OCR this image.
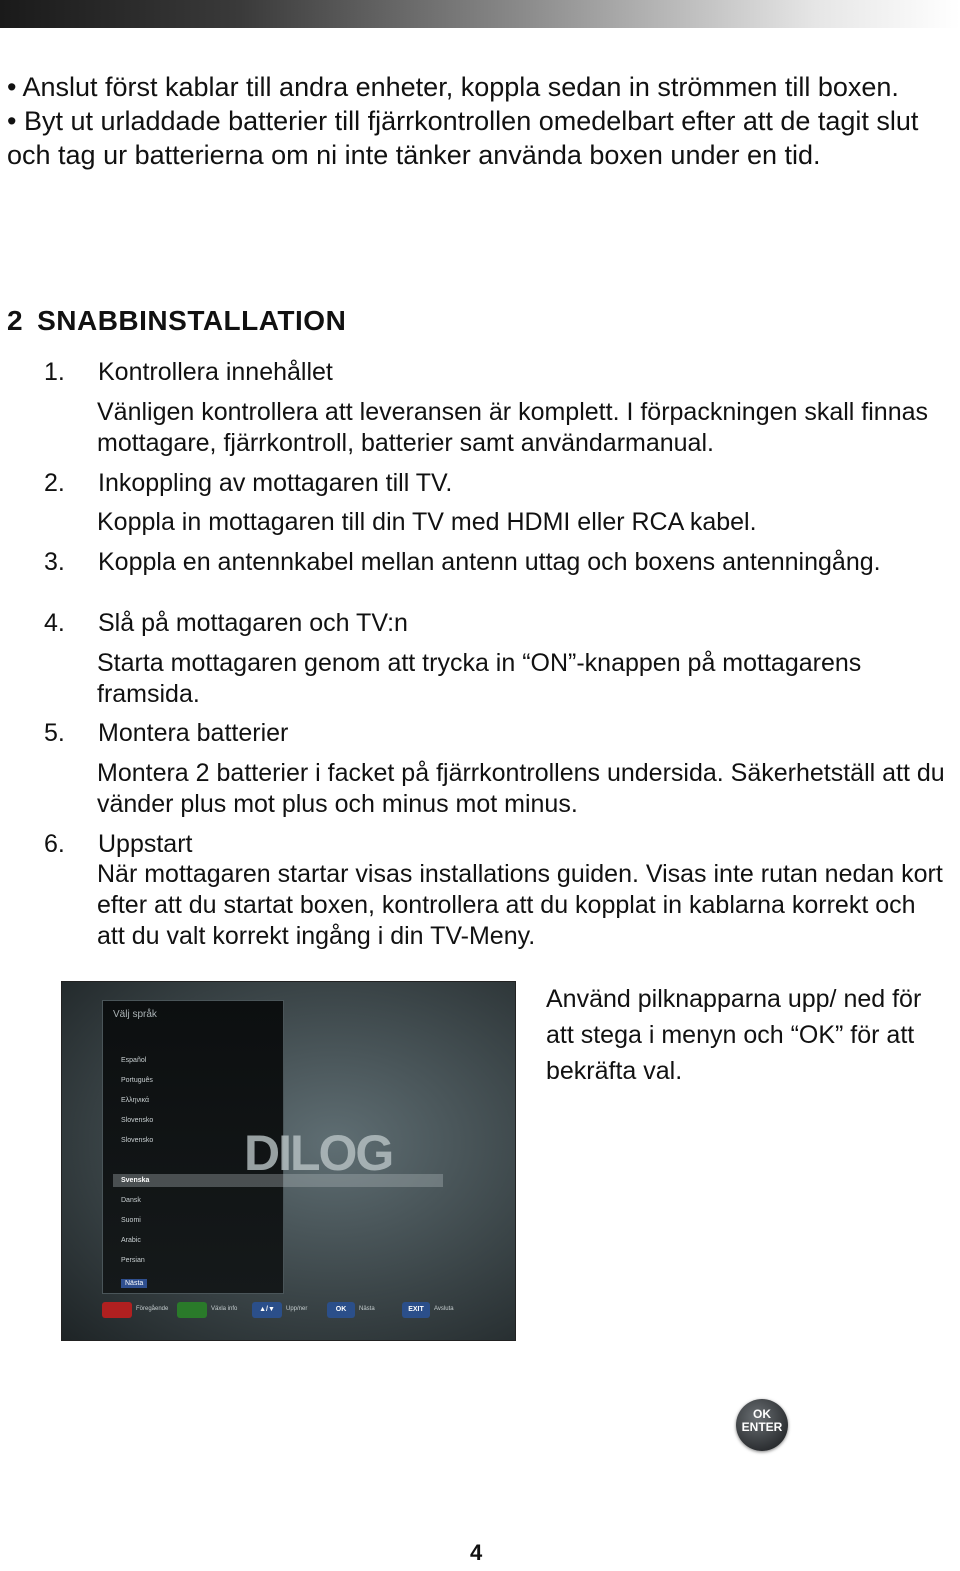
• Anslut först kablar till andra enheter, koppla sedan in strömmen till boxen.

• Byt ut urladdade batterier till fjärrkontrollen omedelbart efter att de tagit slut och tag ur batterierna om ni inte tänker använda boxen under en tid.

2 SNABBINSTALLATION
1. Kontrollera innehållet

Vänligen kontrollera att leveransen är komplett. I förpackningen skall finnas mottagare, fjärrkontroll, batterier samt användarmanual.

2. Inkoppling av mottagaren till TV.

Koppla in mottagaren till din TV med HDMI eller RCA kabel.

3. Koppla en antennkabel mellan antenn uttag och boxens antenningång.
4. Slå på mottagaren och TV:n

Starta mottagaren genom att trycka in “ON”-knappen på mottagarens framsida.

5. Montera batterier

Montera 2 batterier i facket på fjärrkontrollens undersida. Säkerhetställ att du vänder plus mot plus och minus mot minus.

6. Uppstart

När mottagaren startar visas installations guiden. Visas inte rutan nedan kort efter att du startat boxen, kontrollera att du kopplat in kablarna korrekt och att du valt korrekt ingång i din TV-Meny.

Välj språk
Español
Português
Ελληνικά
Slovensko
Slovensko
Svenska
Dansk
Suomi
Arabic
Persian
Nästa
DILOG
Föregående	Växla info	▲/▼	Upp/ner	OK	Nästa	EXIT	Avsluta

Använd pilknapparna upp/ ned för att stega i menyn och “OK” för att bekräfta val.

OK
ENTER
4
